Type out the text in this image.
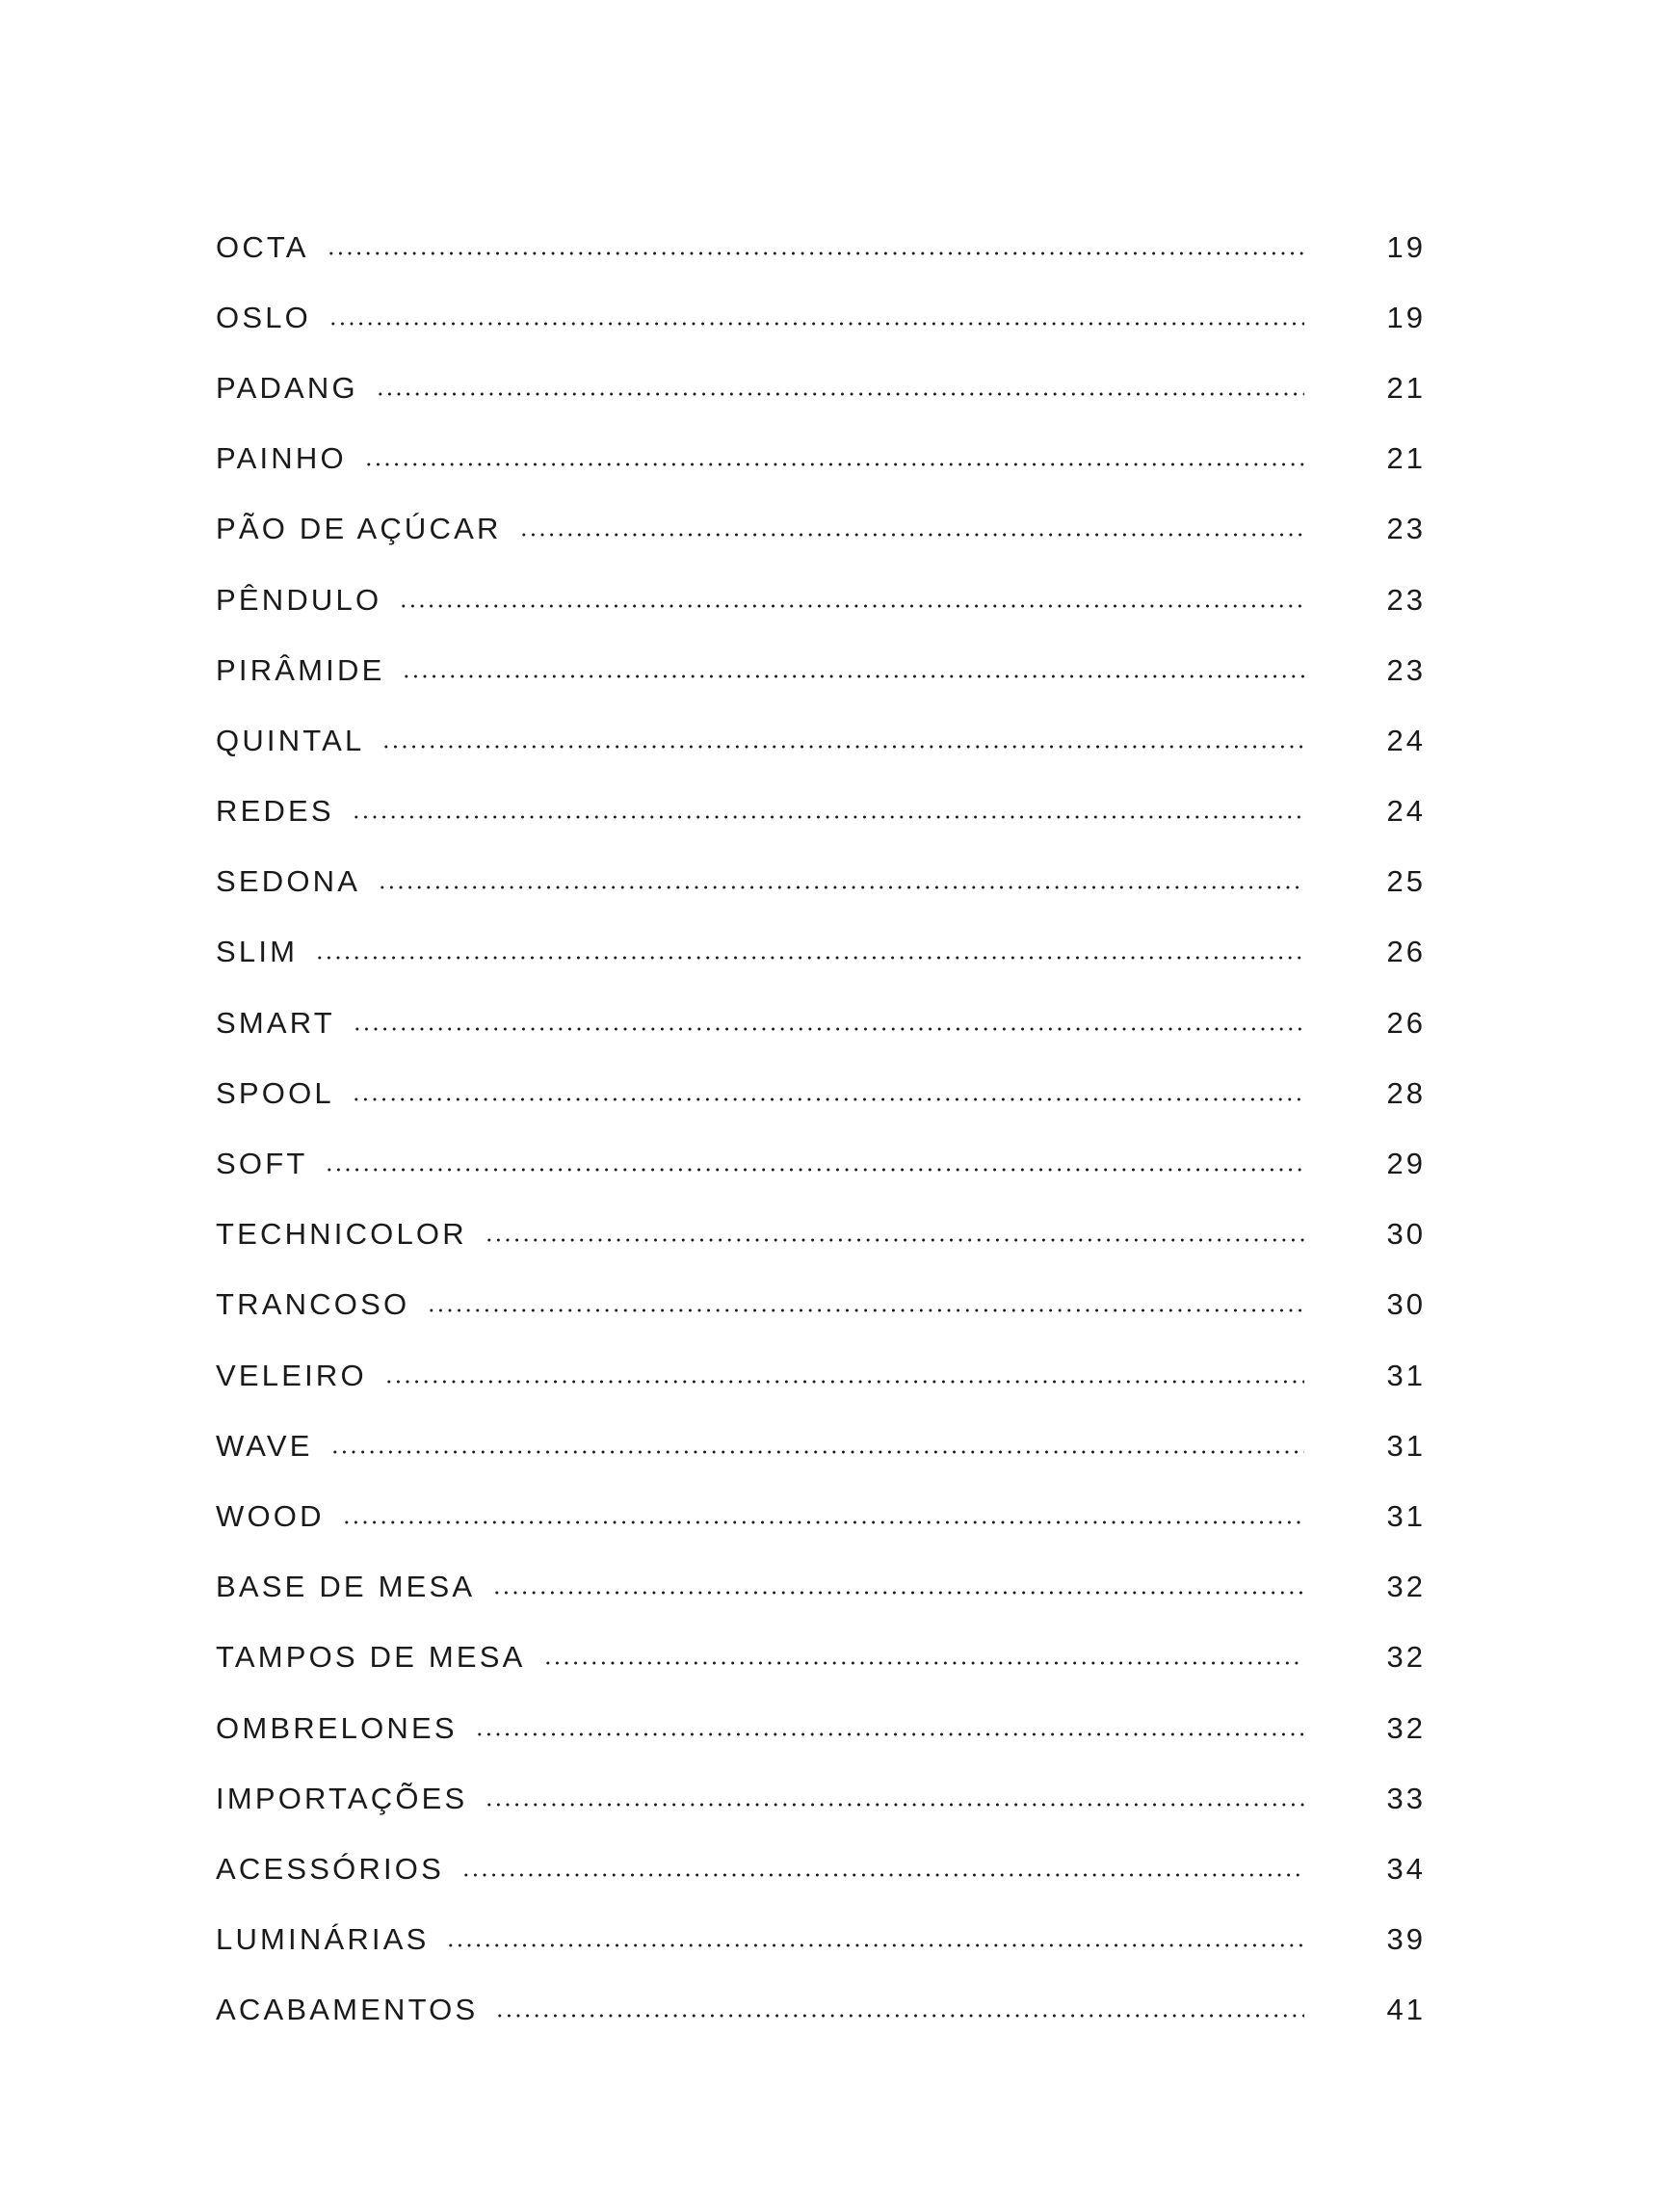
OCTA	19
OSLO	19
PADANG	21
PAINHO	21
PÃO DE AÇÚCAR	23
PÊNDULO	23
PIRÂMIDE	23
QUINTAL	24
REDES	24
SEDONA	25
SLIM	26
SMART	26
SPOOL	28
SOFT	29
TECHNICOLOR	30
TRANCOSO	30
VELEIRO	31
WAVE	31
WOOD	31
BASE DE MESA	32
TAMPOS DE MESA	32
OMBRELONES	32
IMPORTAÇÕES	33
ACESSÓRIOS	34
LUMINÁRIAS	39
ACABAMENTOS	41
